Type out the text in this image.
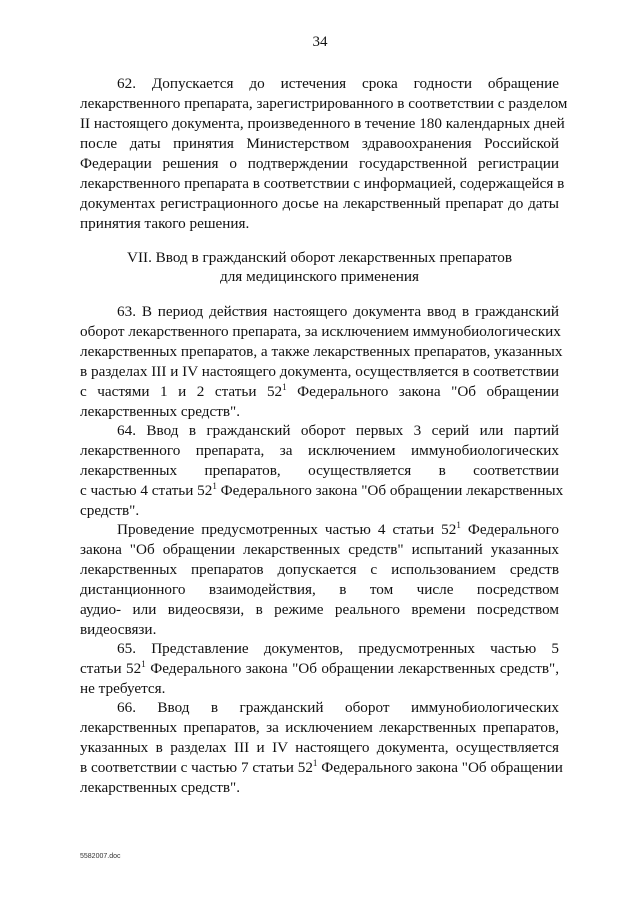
34
62. Допускается до истечения срока годности обращение
лекарственного препарата, зарегистрированного в соответствии с разделом
II настоящего документа, произведенного в течение 180 календарных дней
после даты принятия Министерством здравоохранения Российской
Федерации решения о подтверждении государственной регистрации
лекарственного препарата в соответствии с информацией, содержащейся в
документах регистрационного досье на лекарственный препарат до даты
принятия такого решения.
VII. Ввод в гражданский оборот лекарственных препаратов
для медицинского применения
63. В период действия настоящего документа ввод в гражданский
оборот лекарственного препарата, за исключением иммунобиологических
лекарственных препаратов, а также лекарственных препаратов, указанных
в разделах III и IV настоящего документа, осуществляется в соответствии
с частями 1 и 2 статьи $52^1$ Федерального закона "Об обращении
лекарственных средств".
64. Ввод в гражданский оборот первых 3 серий или партий
лекарственного препарата, за исключением иммунобиологических
лекарственных препаратов, осуществляется в соответствии
с частью 4 статьи $52^1$ Федерального закона "Об обращении лекарственных
средств".
Проведение предусмотренных частью 4 статьи $52^1$ Федерального
закона "Об обращении лекарственных средств" испытаний указанных
лекарственных препаратов допускается с использованием средств
дистанционного взаимодействия, в том числе посредством
аудио- или видеосвязи, в режиме реального времени посредством
видеосвязи.
65. Представление документов, предусмотренных частью 5
статьи $52^1$ Федерального закона "Об обращении лекарственных средств",
не требуется.
66. Ввод в гражданский оборот иммунобиологических
лекарственных препаратов, за исключением лекарственных препаратов,
указанных в разделах III и IV настоящего документа, осуществляется
в соответствии с частью 7 статьи $52^1$ Федерального закона "Об обращении
лекарственных средств".
5582007.doc
